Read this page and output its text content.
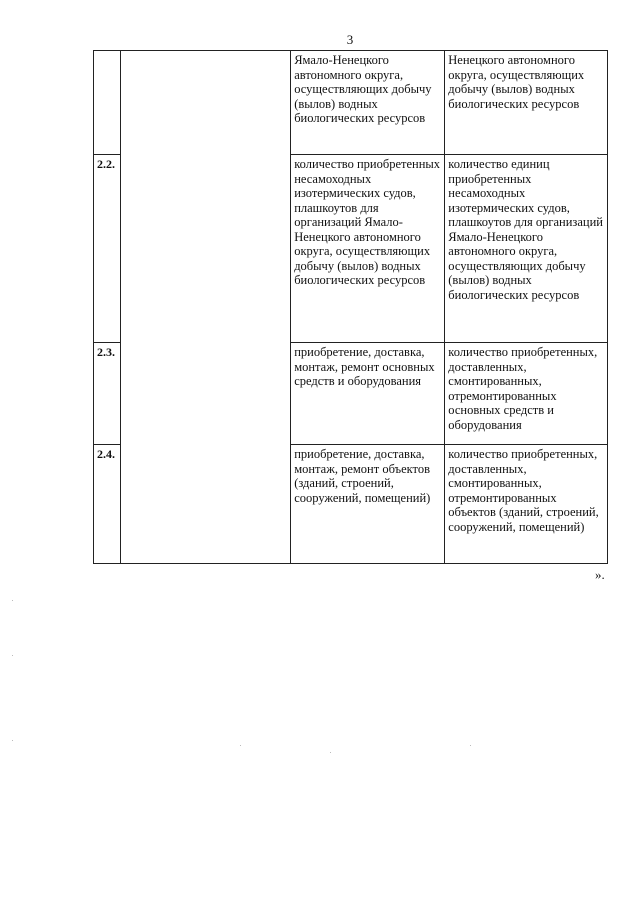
3
		Ямало-Ненецкого автономного округа, осуществляющих добычу (вылов) водных биологических ресурсов	Ненецкого автономного округа, осуществляющих добычу (вылов) водных биологических ресурсов
2.2.		количество приобретенных несамоходных изотермических судов, плашкоутов для организаций Ямало-Ненецкого автономного округа, осуществляющих добычу (вылов) водных биологических ресурсов	количество единиц приобретенных несамоходных изотермических судов, плашкоутов для организаций Ямало-Ненецкого автономного округа, осуществляющих добычу (вылов) водных биологических ресурсов
2.3.		приобретение, доставка, монтаж, ремонт основных средств и оборудования	количество приобретенных, доставленных, смонтированных, отремонтированных основных средств и оборудования
2.4.		приобретение, доставка, монтаж, ремонт объектов (зданий, строений, сооружений, помещений)	количество приобретенных, доставленных, смонтированных, отремонтированных объектов (зданий, строений, сооружений, помещений)
».
